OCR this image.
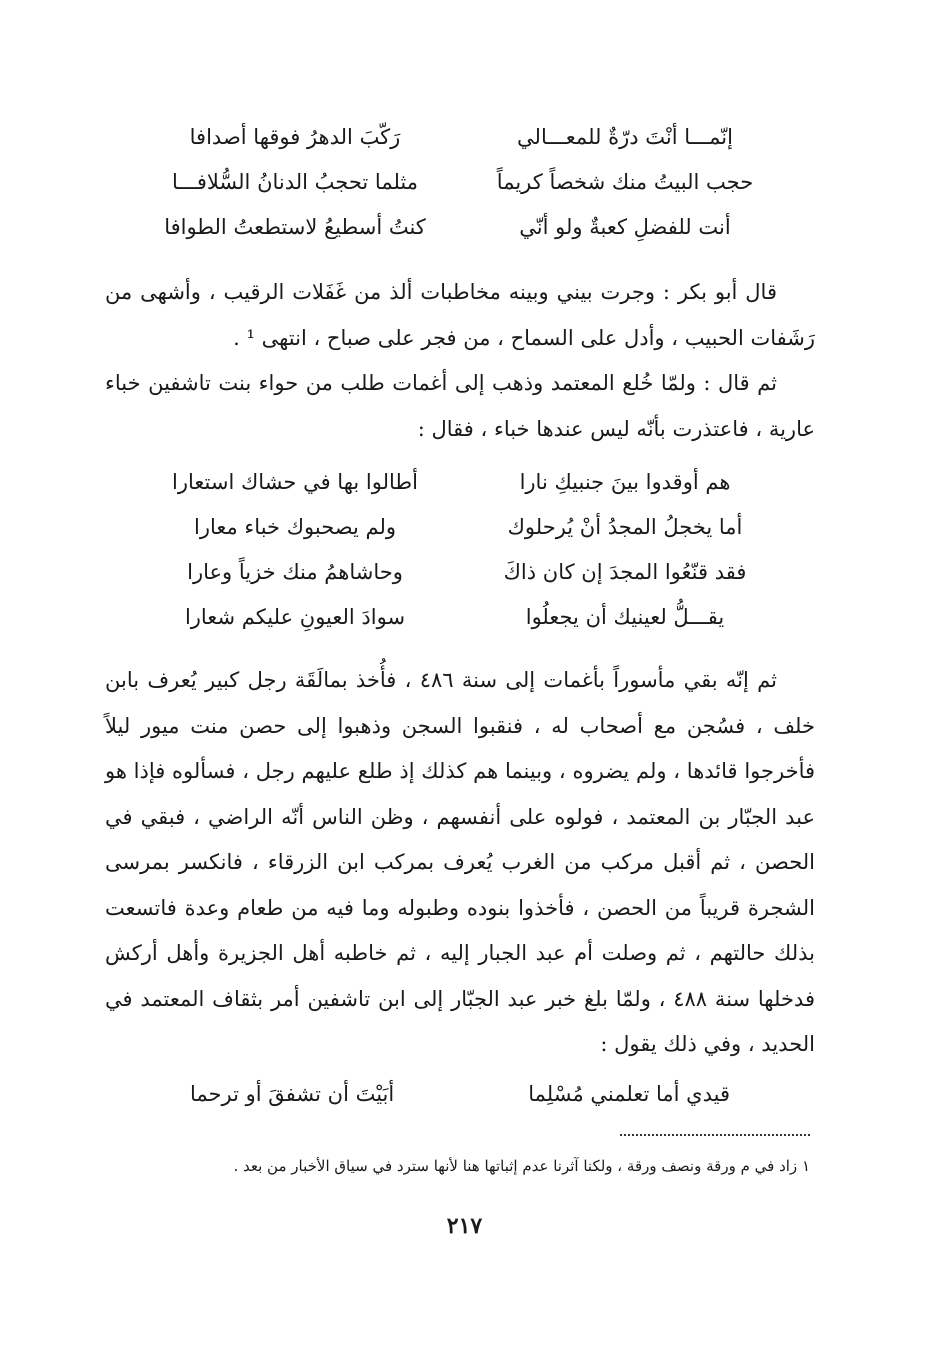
إنّمـــا أنْتَ درّةٌ للمعـــالي
رَكّبَ الدهرُ فوقها أصدافا
حجب البيتُ منك شخصاً كريماً
مثلما تحجبُ الدنانُ السُّلافـــا
أنت للفضلِ كعبةٌ ولو أنّي
كنتُ أسطيعُ لاستطعتُ الطوافا

قال أبو بكر : وجرت بيني وبينه مخاطبات ألذ من غَفَلات الرقيب ، وأشهى من رَشَفات الحبيب ، وأدل على السماح ، من فجر على صباح ، انتهى ¹ .

ثم قال : ولمّا خُلع المعتمد وذهب إلى أغمات طلب من حواء بنت تاشفين خباء عارية ، فاعتذرت بأنّه ليس عندها خباء ، فقال :

هم أوقدوا بينَ جنبيكِ نارا
أطالوا بها في حشاك استعارا
أما يخجلُ المجدُ أنْ يُرحلوك
ولم يصحبوك خباء معارا
فقد قنّعُوا المجدَ إن كان ذاكَ
وحاشاهمُ منك خزياً وعارا
يقـــلُّ لعينيك أن يجعلُوا
سوادَ العيونِ عليكم شعارا

ثم إنّه بقي مأسوراً بأغمات إلى سنة ٤٨٦ ، فأُخذ بمالَقَة رجل كبير يُعرف بابن خلف ، فسُجن مع أصحاب له ، فنقبوا السجن وذهبوا إلى حصن منت ميور ليلاً فأخرجوا قائدها ، ولم يضروه ، وبينما هم كذلك إذ طلع عليهم رجل ، فسألوه فإذا هو عبد الجبّار بن المعتمد ، فولوه على أنفسهم ، وظن الناس أنّه الراضي ، فبقي في الحصن ، ثم أقبل مركب من الغرب يُعرف بمركب ابن الزرقاء ، فانكسر بمرسى الشجرة قريباً من الحصن ، فأخذوا بنوده وطبوله وما فيه من طعام وعدة فاتسعت بذلك حالتهم ، ثم وصلت أم عبد الجبار إليه ، ثم خاطبه أهل الجزيرة وأهل أركش فدخلها سنة ٤٨٨ ، ولمّا بلغ خبر عبد الجبّار إلى ابن تاشفين أمر بثقاف المعتمد في الحديد ، وفي ذلك يقول :

قيدي أما تعلمني مُسْلِما
أبَيْتَ أن تشفقَ أو ترحما
١ زاد في م ورقة ونصف ورقة ، ولكنا آثرنا عدم إثباتها هنا لأنها سترد في سياق الأخبار من بعد .
٢١٧
